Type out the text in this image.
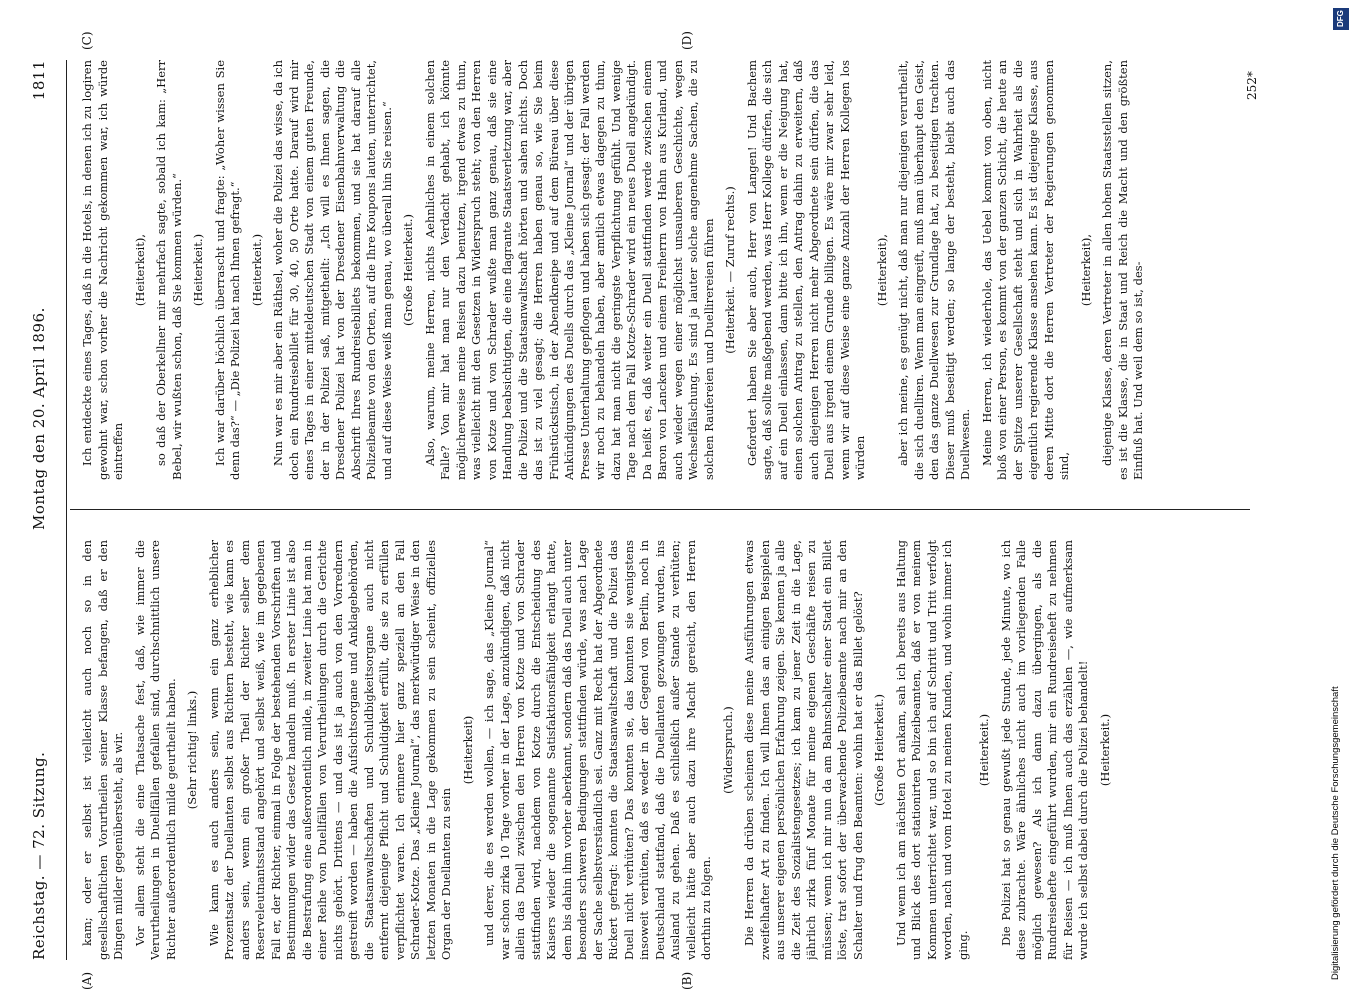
Reichstag. — 72. Sitzung.
Montag den 20. April 1896.
1811
(A)	(B)
(C)	(D)

kam; oder er selbst ist vielleicht auch noch so in den gesellschaftlichen Vorurtheilen seiner Klasse befangen, daß er den Dingen milder gegenübersteht, als wir. Vor allem steht die eine Thatsache fest, daß, wie immer die Verurtheilungen in Duellfällen gefallen sind, durchschnittlich unsere Richter außerordentlich milde geurtheilt haben. (Sehr richtig! links.) Wie kann es auch anders sein, wenn ein ganz erheblicher Prozentsatz der Duellanten selbst aus Richtern besteht, wie kann es anders sein, wenn ein großer Theil der Richter selber dem Reserveleutnantsstand angehört und selbst weiß, wie im gegebenen Fall er, der Richter, einmal in Folge der bestehenden Vorschriften und Bestimmungen wider das Gesetz handeln muß. In erster Linie ist also die Bestrafung eine außerordentlich milde, in zweiter Linie hat man in einer Reihe von Duellfällen von Verurtheilungen durch die Gerichte nichts gehört. Drittens — und das ist ja auch von den Vorrednern gestreift worden — haben die Aufsichtsorgane und Anklagebehörden, die Staatsanwaltschaften und Schuldbigkeitsorgane auch nicht entfernt diejenige Pflicht und Schuldigkeit erfüllt, die sie zu erfüllen verpflichtet waren. Ich erinnere hier ganz speziell an den Fall Schrader-Kotze. Das „Kleine Journal“, das merkwürdiger Weise in den letzten Monaten in die Lage gekommen zu sein scheint, offizielles Organ der Duellanten zu sein

(Heiterkeit) und derer, die es werden wollen, — ich sage, das „Kleine Journal“ war schon zirka 10 Tage vorher in der Lage, anzukündigen, daß nicht allein das Duell zwischen den Herren von Kotze und von Schrader stattfinden wird, nachdem von Kotze durch die Entscheidung des Kaisers wieder die sogenannte Satisfaktionsfähigkeit erlangt hatte, dem bis dahin ihm vorher aberkannt, sondern daß das Duell auch unter besonders schweren Bedingungen stattfinden würde, was nach Lage der Sache selbstverständlich sei. Ganz mit Recht hat der Abgeordnete Rickert gefragt: konnten die Staatsanwaltschaft und die Polizei das Duell nicht verhüten? Das konnten sie, das konnten sie wenigstens insoweit verhüten, daß es weder in der Gegend von Berlin, noch in Deutschland stattfand, daß die Duellanten gezwungen wurden, ins Ausland zu gehen. Daß es schließlich außer Stande zu verhüten; vielleicht hätte aber auch dazu ihre Macht gereicht, den Herren dorthin zu folgen.

(Widerspruch.) Die Herren da drüben scheinen diese meine Ausführungen etwas zweifelhafter Art zu finden. Ich will Ihnen das an einigen Beispielen aus unserer eigenen persönlichen Erfahrung zeigen. Sie kennen ja alle die Zeit des Sozialistengesetzes; ich kam zu jener Zeit in die Lage, jährlich zirka fünf Monate für meine eigenen Geschäfte reisen zu müssen; wenn ich mir nun da am Bahnschalter einer Stadt ein Billet löste, trat sofort der überwachende Polizeibeamte nach mir an den Schalter und frug den Beamten: wohin hat er das Billet gelöst? (Große Heiterkeit.) Und wenn ich am nächsten Ort ankam, sah ich bereits aus Haltung und Blick des dort stationirten Polizeibeamten, daß er von meinem Kommen unterrichtet war, und so bin ich auf Schritt und Tritt verfolgt worden, nach und vom Hotel zu meinen Kunden, und wohin immer ich ging.

(Heiterkeit.) Die Polizei hat so genau gewußt jede Stunde, jede Minute, wo ich diese zubrachte. Wäre ähnliches nicht auch im vorliegenden Falle möglich gewesen? Als ich dann dazu übergingen, als die Rundreisehefte eingeführt wurden, mir ein Rundreiseheft zu nehmen für Reisen — ich muß Ihnen auch das erzählen —, wie aufmerksam wurde ich selbst dabei durch die Polizei behandelt! (Heiterkeit.)

Ich entdeckte eines Tages, daß in die Hotels, in denen ich zu logiren gewohnt war, schon vorher die Nachricht gekommen war, ich würde eintreffen

(Heiterkeit), so daß der Oberkellner mir mehrfach sagte, sobald ich kam: „Herr Bebel, wir wußten schon, daß Sie kommen würden.“ (Heiterkeit.) Ich war darüber höchlich überrascht und fragte: „Woher wissen Sie denn das?“ — „Die Polizei hat nach Ihnen gefragt.“ (Heiterkeit.) Nun war es mir aber ein Räthsel, woher die Polizei das wisse, da ich doch ein Rundreisebillet für 30, 40, 50 Orte hatte. Darauf wird mir eines Tages in einer mitteldeutschen Stadt von einem guten Freunde, der in der Polizei saß, mitgetheilt: „Ich will es Ihnen sagen, die Dresdener Polizei hat von der Dresdener Eisenbahnverwaltung die Abschrift Ihres Rundreisebillets bekommen, und sie hat darauf alle Polizeibeamte von den Orten, auf die Ihre Koupons lauten, unterrichtet, und auf diese Weise weiß man genau, wo überall hin Sie reisen.“ (Große Heiterkeit.) Also, warum, meine Herren, nichts Aehnliches in einem solchen Falle? Von mir hat man nur den Verdacht gehabt, ich könnte möglicherweise meine Reisen dazu benutzen, irgend etwas zu thun, was vielleicht mit den Gesetzen in Widerspruch steht; von den Herren von Kotze und von Schrader wußte man ganz genau, daß sie eine Handlung beabsichtigten, die eine flagrante Staatsverletzung war, aber die Polizei und die Staatsanwaltschaft hörten und sahen nichts. Doch das ist zu viel gesagt; die Herren haben genau so, wie Sie beim Frühstückstisch, in der Abendkneipe und auf dem Büreau über diese Ankündigungen des Duells durch das „Kleine Journal“ und der übrigen Presse Unterhaltung gepflogen und haben sich gesagt: der Fall werden wir noch zu behandeln haben, aber amtlich etwas dagegen zu thun, dazu hat man nicht die geringste Verpflichtung gefühlt. Und wenige Tage nach dem Fall Kotze-Schrader wird ein neues Duell angekündigt. Da heißt es, daß weiter ein Duell stattfinden werde zwischen einem Baron von Lancken und einem Freiherrn von Hahn aus Kurland, und auch wieder wegen einer möglichst unsauberen Geschichte, wegen Wechselfälschung. Es sind ja lauter solche angenehme Sachen, die zu solchen Raufereien und Duellirereien führen (Heiterkeit. — Zuruf rechts.) Gefordert haben Sie aber auch, Herr von Langen! Und Bachem sagte, daß sollte maßgebend werden, was Herr Kollege dürfen, die sich auf ein Duell einlassen, dann bitte ich ihn, wenn er die Neigung hat, einen solchen Antrag zu stellen, den Antrag dahin zu erweitern, daß auch diejenigen Herren nicht mehr Abgeordnete sein dürfen, die das Duell aus irgend einem Grunde billigen. Es wäre mir zwar sehr leid, wenn wir auf diese Weise eine ganze Anzahl der Herren Kollegen los würden

(Heiterkeit), aber ich meine, es genügt nicht, daß man nur diejenigen verurtheilt, die sich duelliren. Wenn man eingreift, muß man überhaupt den Geist, den das ganze Duellwesen zur Grundlage hat, zu beseitigen trachten. Dieser muß beseitigt werden; so lange der besteht, bleibt auch das Duellwesen. Meine Herren, ich wiederhole, das Uebel kommt von oben, nicht bloß von einer Person, es kommt von der ganzen Schicht, die heute an der Spitze unserer Gesellschaft steht und sich in Wahrheit als die eigentlich regierende Klasse ansehen kann. Es ist diejenige Klasse, aus deren Mitte dort die Herren Vertreter der Regierungen genommen sind,

(Heiterkeit), diejenige Klasse, deren Vertreter in allen hohen Staatsstellen sitzen, es ist die Klasse, die in Staat und Reich die Macht und den größten Einfluß hat. Und weil dem so ist, des-

252*
Digitalisierung gefördert durch die Deutsche Forschungsgemeinschaft
DFG
